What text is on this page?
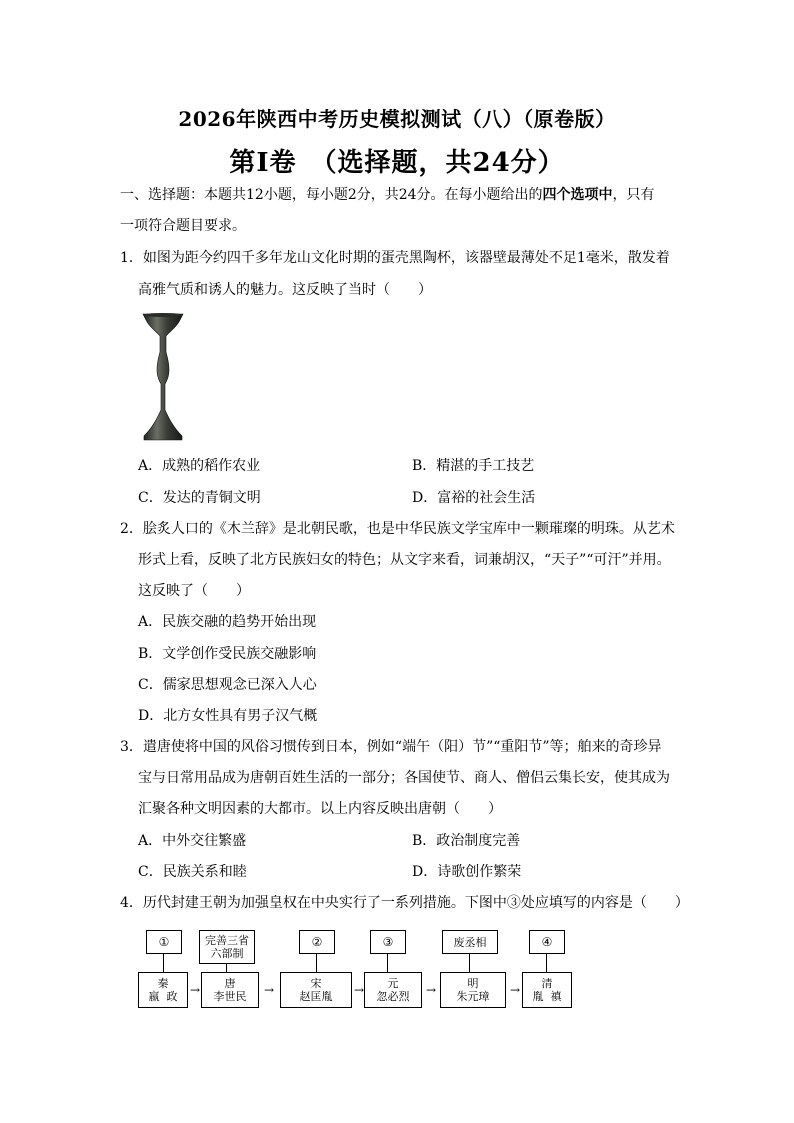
2026年陕西中考历史模拟测试（八）（原卷版）
第Ⅰ卷　（选择题，共24分）
一、选择题：本题共12小题，每小题2分，共24分。在每小题给出的四个选项中，只有
一项符合题目要求。
1．如图为距今约四千多年龙山文化时期的蛋壳黑陶杯，该器壁最薄处不足1毫米，散发着
高雅气质和诱人的魅力。这反映了当时（　　）
A．成熟的稻作农业	B．精湛的手工技艺
C．发达的青铜文明	D．富裕的社会生活
2．脍炙人口的《木兰辞》是北朝民歌，也是中华民族文学宝库中一颗璀璨的明珠。从艺术
形式上看，反映了北方民族妇女的特色；从文字来看，词兼胡汉，“天子”“可汗”并用。
这反映了（　　）
A．民族交融的趋势开始出现
B．文学创作受民族交融影响
C．儒家思想观念已深入人心
D．北方女性具有男子汉气概
3．遣唐使将中国的风俗习惯传到日本，例如“端午（阳）节”“重阳节”等；舶来的奇珍异
宝与日常用品成为唐朝百姓生活的一部分；各国使节、商人、僧侣云集长安，使其成为
汇聚各种文明因素的大都市。以上内容反映出唐朝（　　）
A．中外交往繁盛	B．政治制度完善
C．民族关系和睦	D．诗歌创作繁荣
4．历代封建王朝为加强皇权在中央实行了一系列措施。下图中③处应填写的内容是（　　）
①	完善三省
六部制
②	③	废丞相	④
秦
嬴  政 → 唐
李世民 →	宋
赵匡胤 → 元
忽必烈 →	明
朱元璋 → 清
胤  禛
